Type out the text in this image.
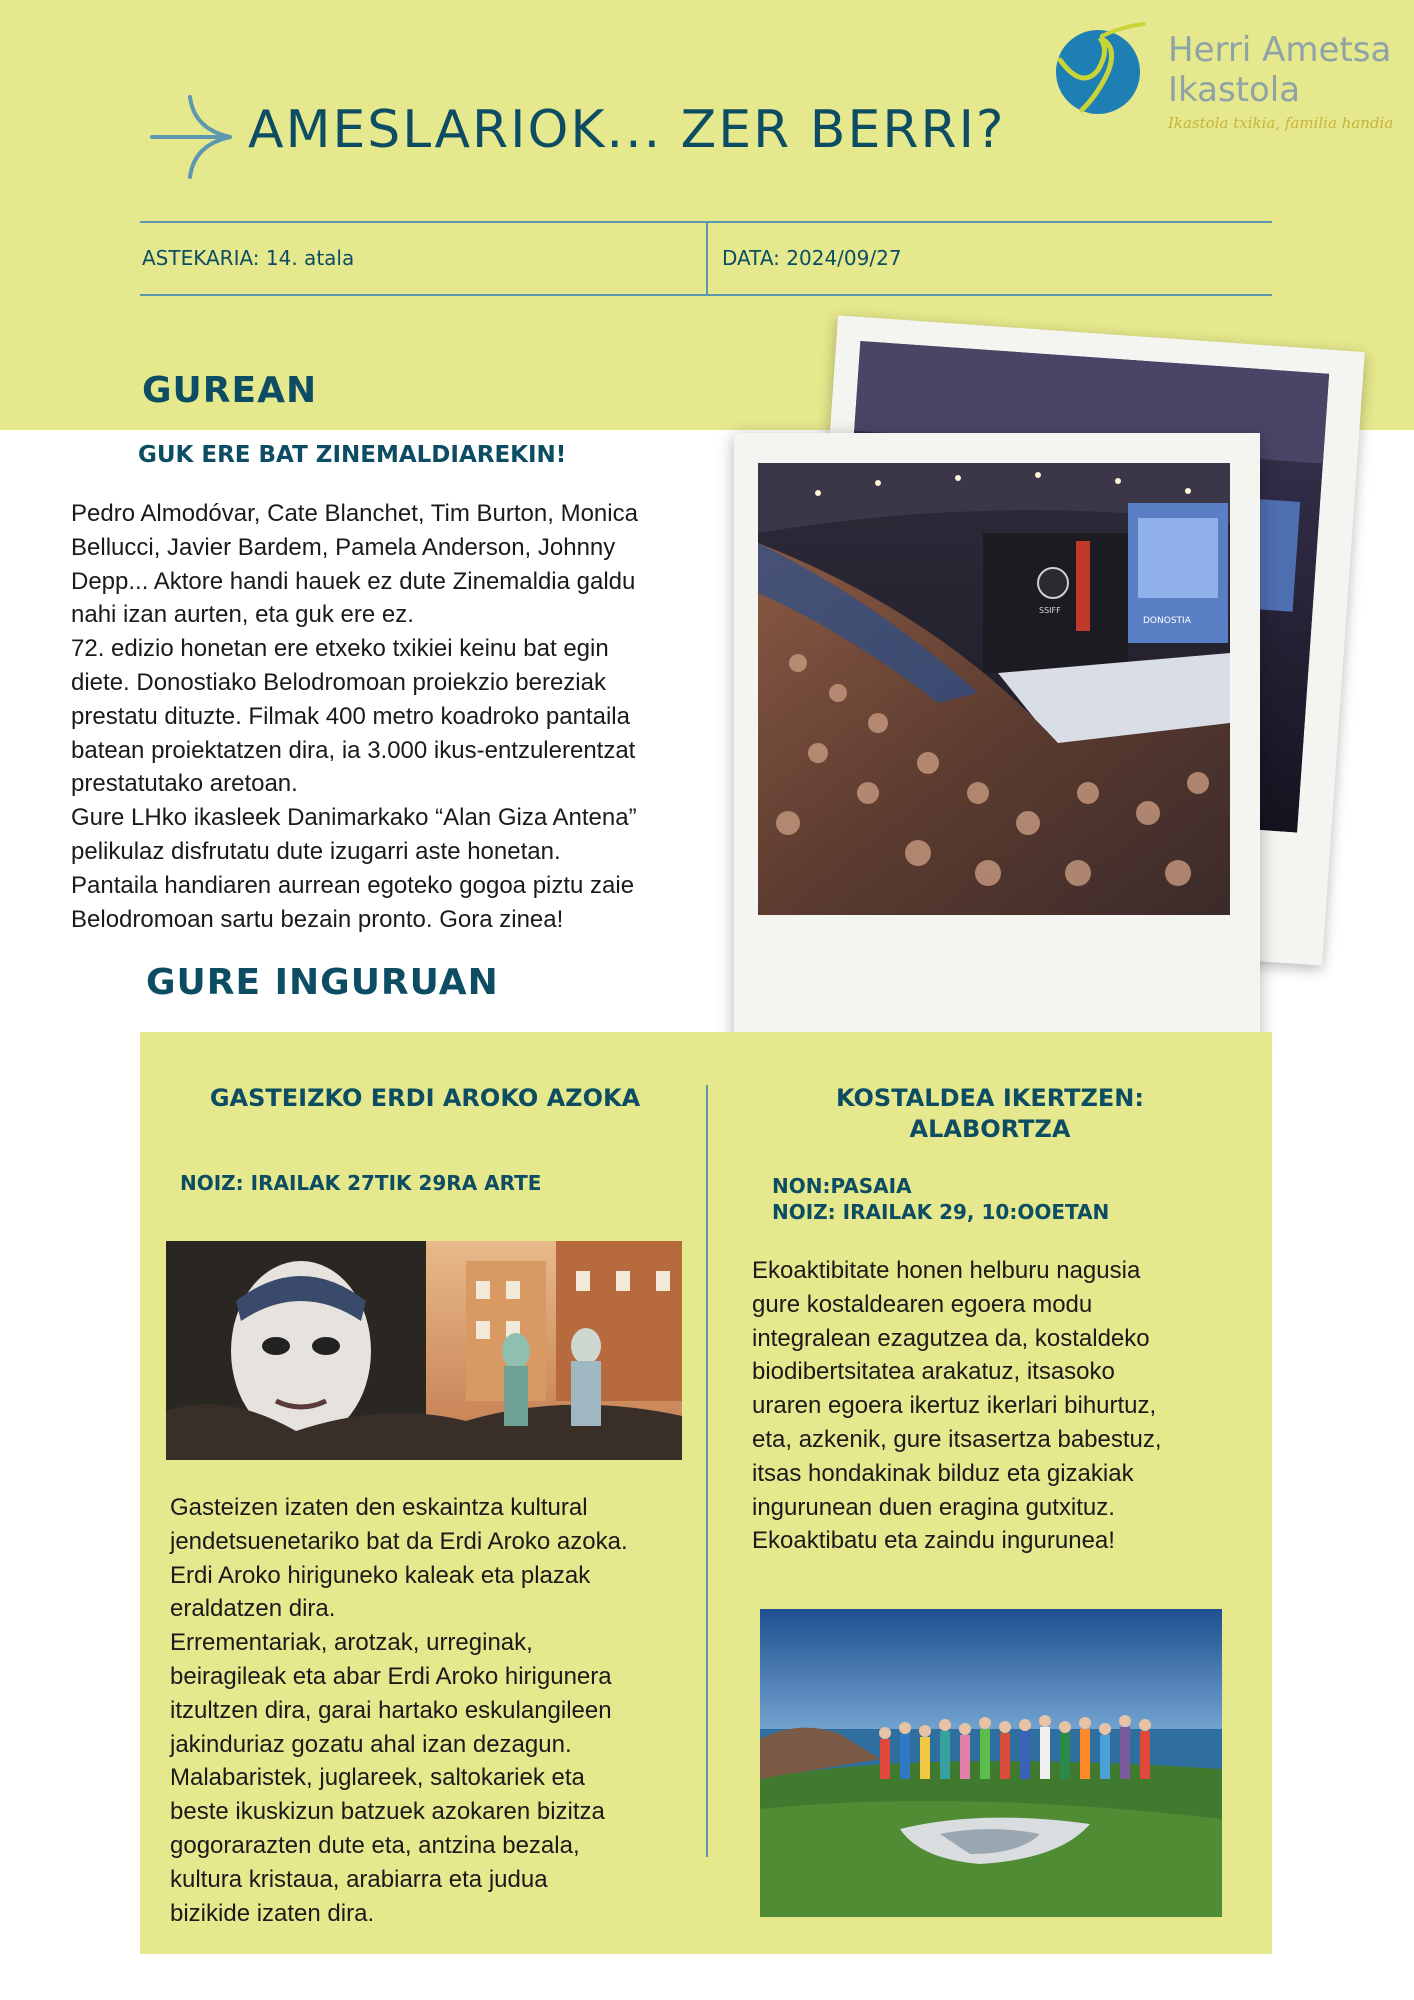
AMESLARIOK... ZER BERRI?
Herri Ametsa
Ikastola
Ikastola txikia, familia handia
ASTEKARIA: 14. atala	DATA: 2024/09/27
GUREAN
GUK ERE BAT ZINEMALDIAREKIN!
Pedro Almodóvar, Cate Blanchet, Tim Burton, Monica
Bellucci, Javier Bardem, Pamela Anderson, Johnny
Depp... Aktore handi hauek ez dute Zinemaldia galdu
nahi izan aurten, eta guk ere ez.
72. edizio honetan ere etxeko txikiei keinu bat egin
diete. Donostiako Belodromoan proiekzio bereziak
prestatu dituzte. Filmak 400 metro koadroko pantaila
batean proiektatzen dira, ia 3.000 ikus-entzulerentzat
prestatutako aretoan.
Gure LHko ikasleek Danimarkako “Alan Giza Antena”
pelikulaz disfrutatu dute izugarri aste honetan.
Pantaila handiaren aurrean egoteko gogoa piztu zaie
Belodromoan sartu bezain pronto. Gora zinea!
DONOSTIA
SSIFF
GURE INGURUAN
GASTEIZKO ERDI AROKO AZOKA
NOIZ: IRAILAK 27TIK 29RA ARTE
Gasteizen izaten den eskaintza kultural
jendetsuenetariko bat da Erdi Aroko azoka.
Erdi Aroko hiriguneko kaleak eta plazak
eraldatzen dira.
Errementariak, arotzak, urreginak,
beiragileak eta abar Erdi Aroko hirigunera
itzultzen dira, garai hartako eskulangileen
jakinduriaz gozatu ahal izan dezagun.
Malabaristek, juglareek, saltokariek eta
beste ikuskizun batzuek azokaren bizitza
gogorarazten dute eta, antzina bezala,
kultura kristaua, arabiarra eta judua
bizikide izaten dira.
KOSTALDEA IKERTZEN:
ALABORTZA
NON:PASAIA
NOIZ: IRAILAK 29, 10:OOETAN
Ekoaktibitate honen helburu nagusia
gure kostaldearen egoera modu
integralean ezagutzea da, kostaldeko
biodibertsitatea arakatuz, itsasoko
uraren egoera ikertuz ikerlari bihurtuz,
eta, azkenik, gure itsasertza babestuz,
itsas hondakinak bilduz eta gizakiak
ingurunean duen eragina gutxituz.
Ekoaktibatu eta zaindu ingurunea!
